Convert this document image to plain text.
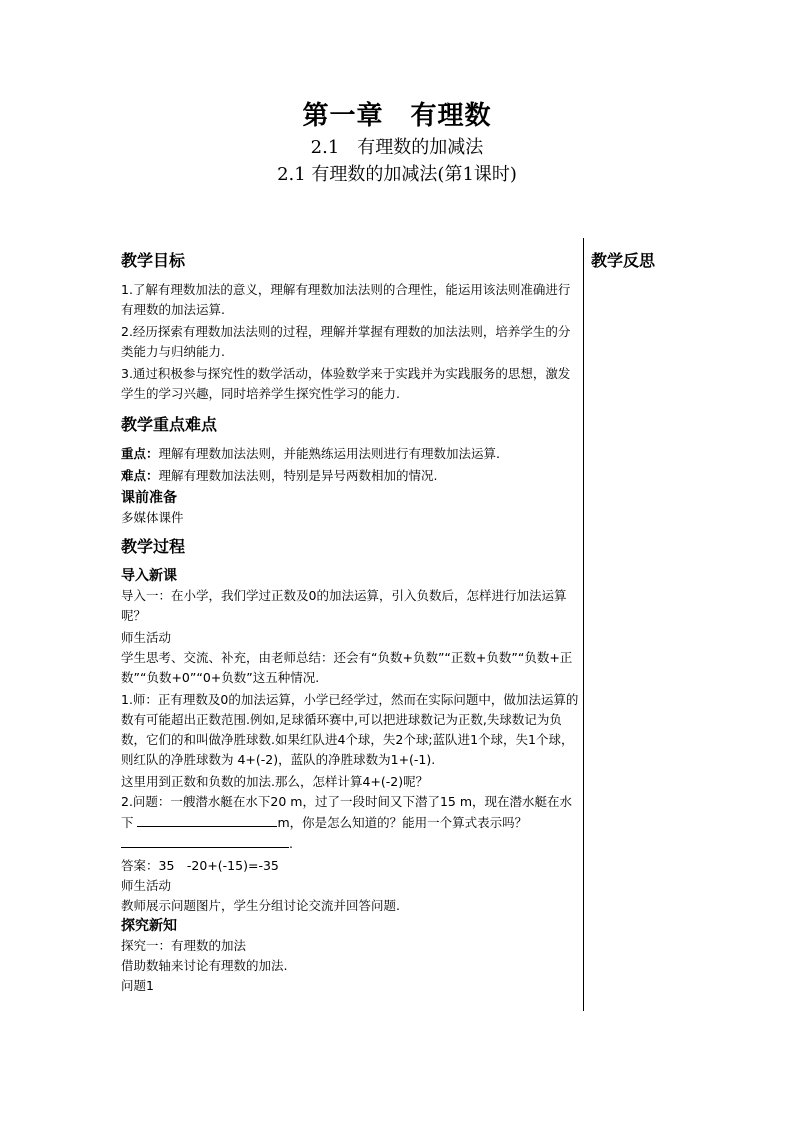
第一章　有理数
2.1　有理数的加减法
2.1 有理数的加减法(第1课时)
教学反思
教学目标

1.了解有理数加法的意义，理解有理数加法法则的合理性，能运用该法则准确进行有理数的加法运算.

2.经历探索有理数加法法则的过程，理解并掌握有理数的加法法则，培养学生的分类能力与归纳能力.

3.通过积极参与探究性的数学活动，体验数学来于实践并为实践服务的思想，激发学生的学习兴趣，同时培养学生探究性学习的能力.

教学重点难点

重点：理解有理数加法法则，并能熟练运用法则进行有理数加法运算.

难点：理解有理数加法法则，特别是异号两数相加的情况.

课前准备

多媒体课件

教学过程
导入新课

导入一：在小学，我们学过正数及0的加法运算，引入负数后，怎样进行加法运算呢？

师生活动

学生思考、交流、补充，由老师总结：还会有“负数+负数”“正数+负数”“负数+正数”“负数+0”“0+负数”这五种情况.

1.师：正有理数及0的加法运算，小学已经学过，然而在实际问题中，做加法运算的数有可能超出正数范围.例如,足球循环赛中,可以把进球数记为正数,失球数记为负数，它们的和叫做净胜球数.如果红队进4个球，失2个球;蓝队进1个球，失1个球，则红队的净胜球数为 4+(-2)，蓝队的净胜球数为1+(-1).

这里用到正数和负数的加法.那么，怎样计算4+(-2)呢？

2.问题：一艘潜水艇在水下20 m，过了一段时间又下潜了15 m，现在潜水艇在水下	m，你是怎么知道的？能用一个算式表示吗？.

答案：35　-20+(-15)=-35

师生活动

教师展示问题图片，学生分组讨论交流并回答问题.

探究新知

探究一：有理数的加法

借助数轴来讨论有理数的加法.

问题1
